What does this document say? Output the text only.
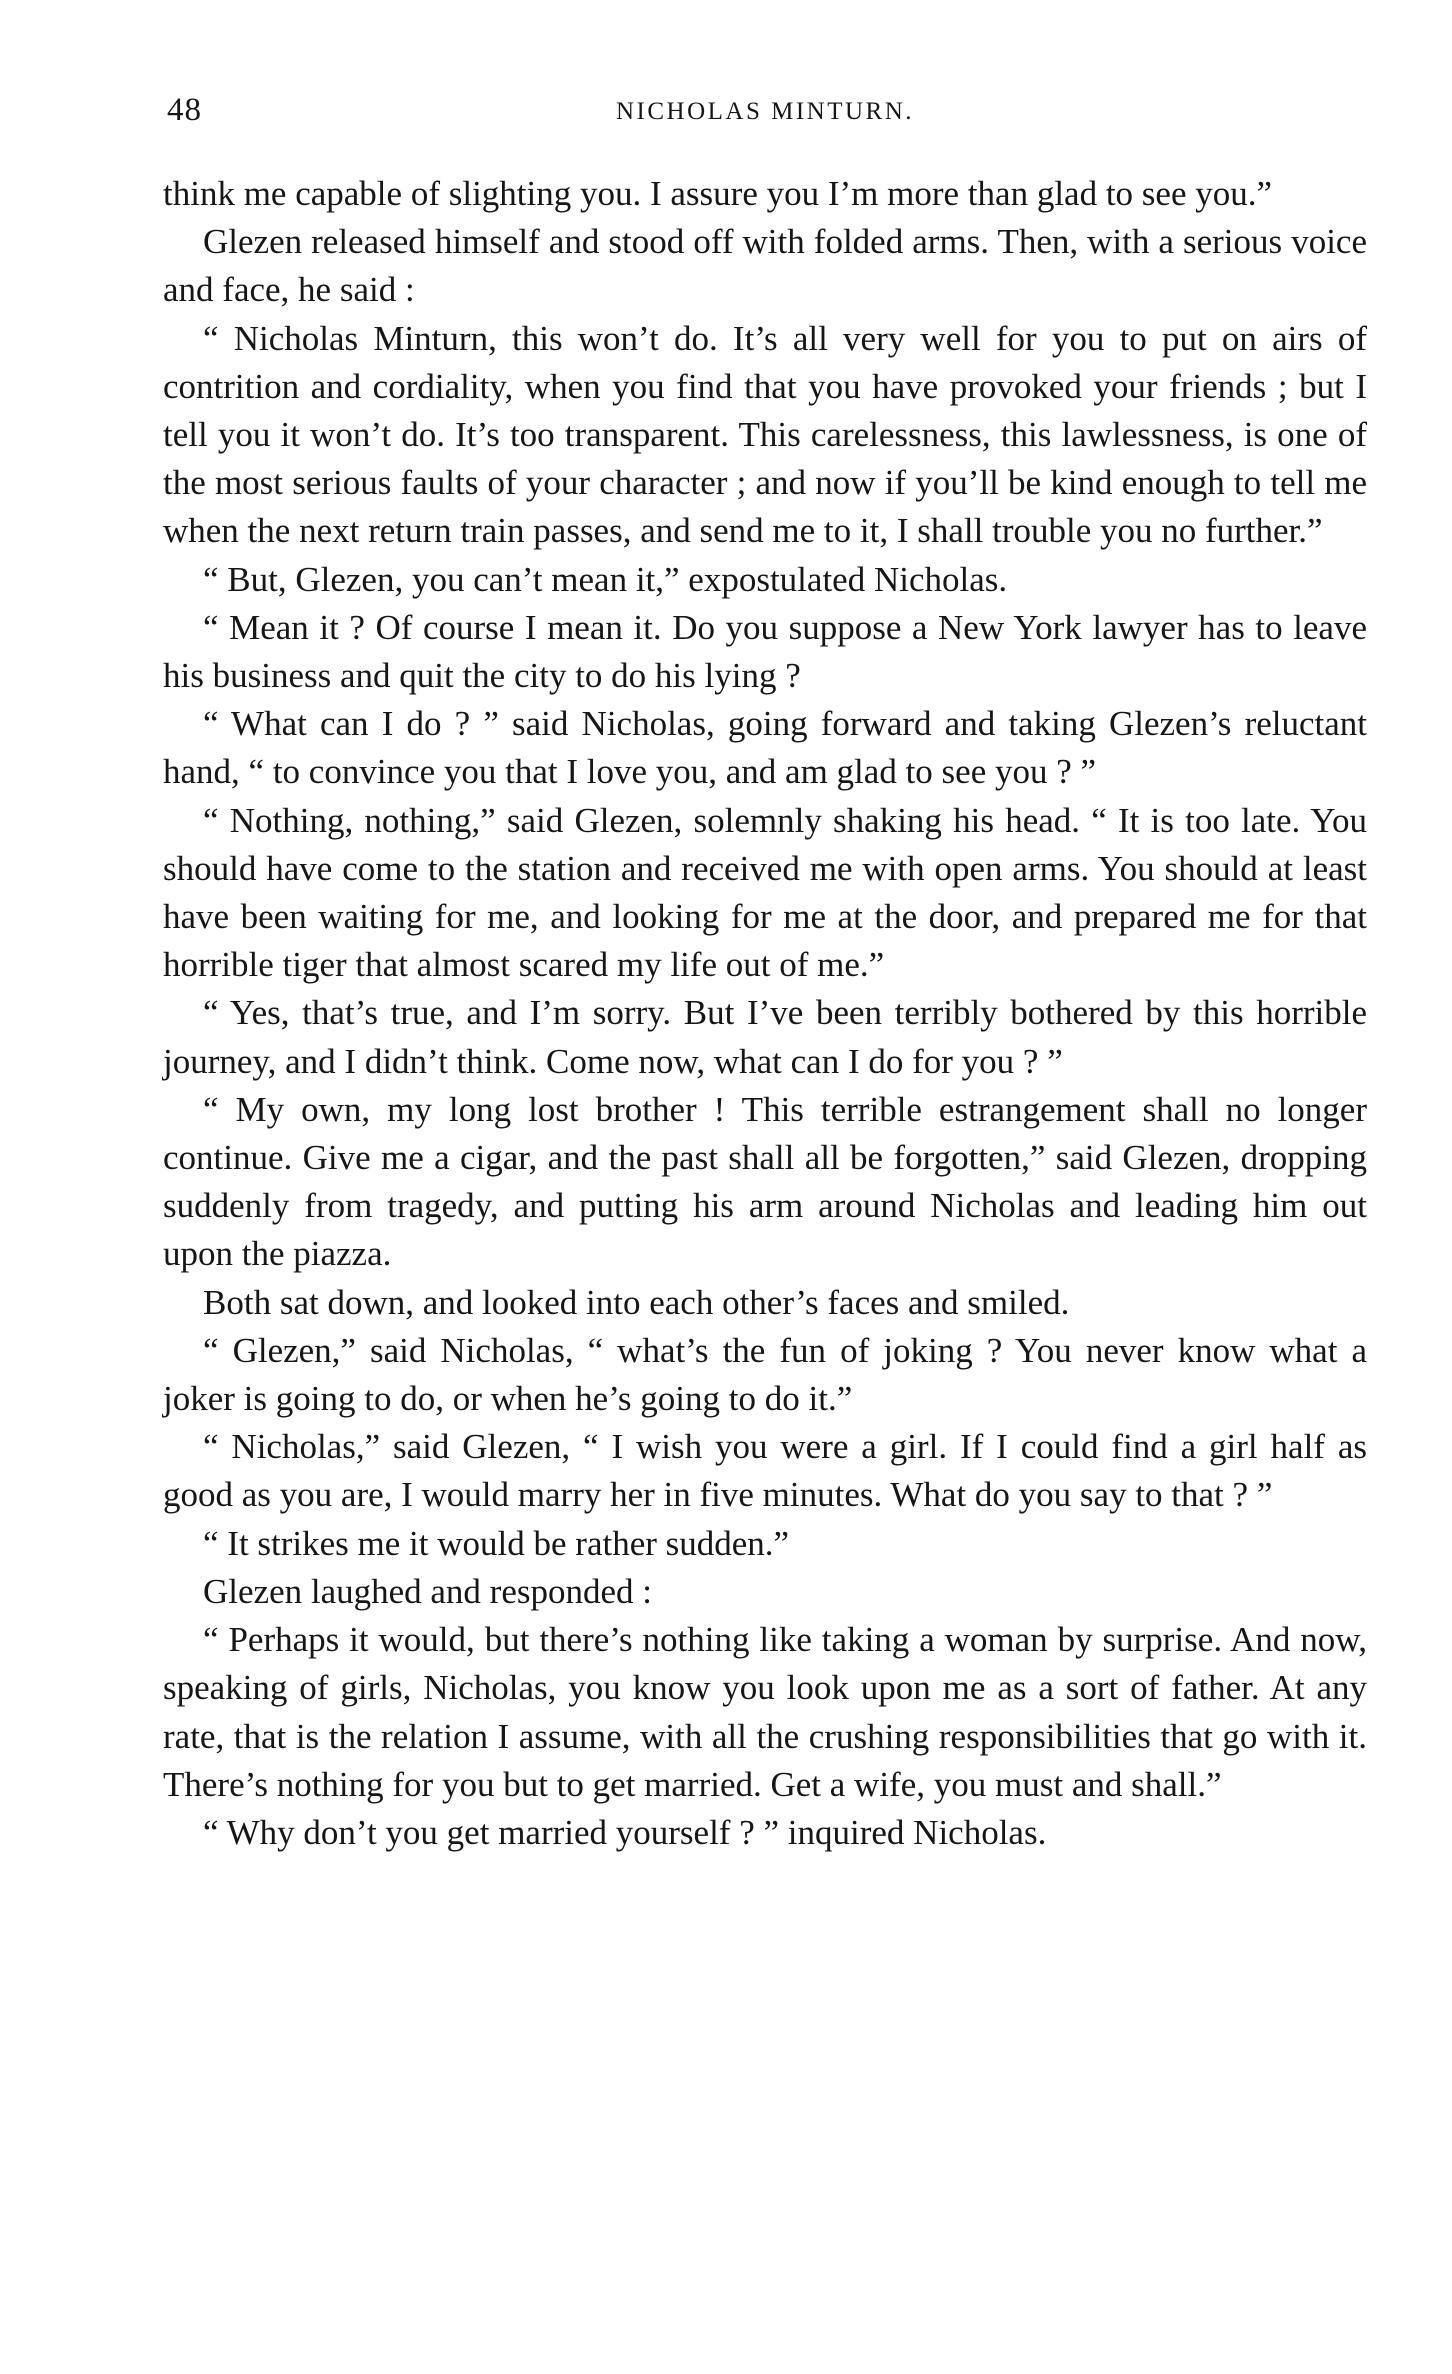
48	NICHOLAS MINTURN.

think me capable of slighting you. I assure you I’m more than glad to see you.”

Glezen released himself and stood off with folded arms. Then, with a serious voice and face, he said :

“ Nicholas Minturn, this won’t do. It’s all very well for you to put on airs of contrition and cordiality, when you find that you have provoked your friends ; but I tell you it won’t do. It’s too transparent. This carelessness, this lawlessness, is one of the most serious faults of your character ; and now if you’ll be kind enough to tell me when the next return train passes, and send me to it, I shall trouble you no further.”

“ But, Glezen, you can’t mean it,” expostulated Nicholas.

“ Mean it ? Of course I mean it. Do you suppose a New York lawyer has to leave his business and quit the city to do his lying ?

“ What can I do ? ” said Nicholas, going forward and taking Glezen’s reluctant hand, “ to convince you that I love you, and am glad to see you ? ”

“ Nothing, nothing,” said Glezen, solemnly shaking his head. “ It is too late. You should have come to the station and received me with open arms. You should at least have been waiting for me, and looking for me at the door, and prepared me for that horrible tiger that almost scared my life out of me.”

“ Yes, that’s true, and I’m sorry. But I’ve been terribly bothered by this horrible journey, and I didn’t think. Come now, what can I do for you ? ”

“ My own, my long lost brother ! This terrible estrangement shall no longer continue. Give me a cigar, and the past shall all be forgotten,” said Glezen, dropping suddenly from tragedy, and putting his arm around Nicholas and leading him out upon the piazza.

Both sat down, and looked into each other’s faces and smiled.

“ Glezen,” said Nicholas, “ what’s the fun of joking ? You never know what a joker is going to do, or when he’s going to do it.”

“ Nicholas,” said Glezen, “ I wish you were a girl. If I could find a girl half as good as you are, I would marry her in five minutes. What do you say to that ? ”

“ It strikes me it would be rather sudden.”

Glezen laughed and responded :

“ Perhaps it would, but there’s nothing like taking a woman by surprise. And now, speaking of girls, Nicholas, you know you look upon me as a sort of father. At any rate, that is the relation I assume, with all the crushing responsibilities that go with it. There’s nothing for you but to get married. Get a wife, you must and shall.”

“ Why don’t you get married yourself ? ” inquired Nicholas.
